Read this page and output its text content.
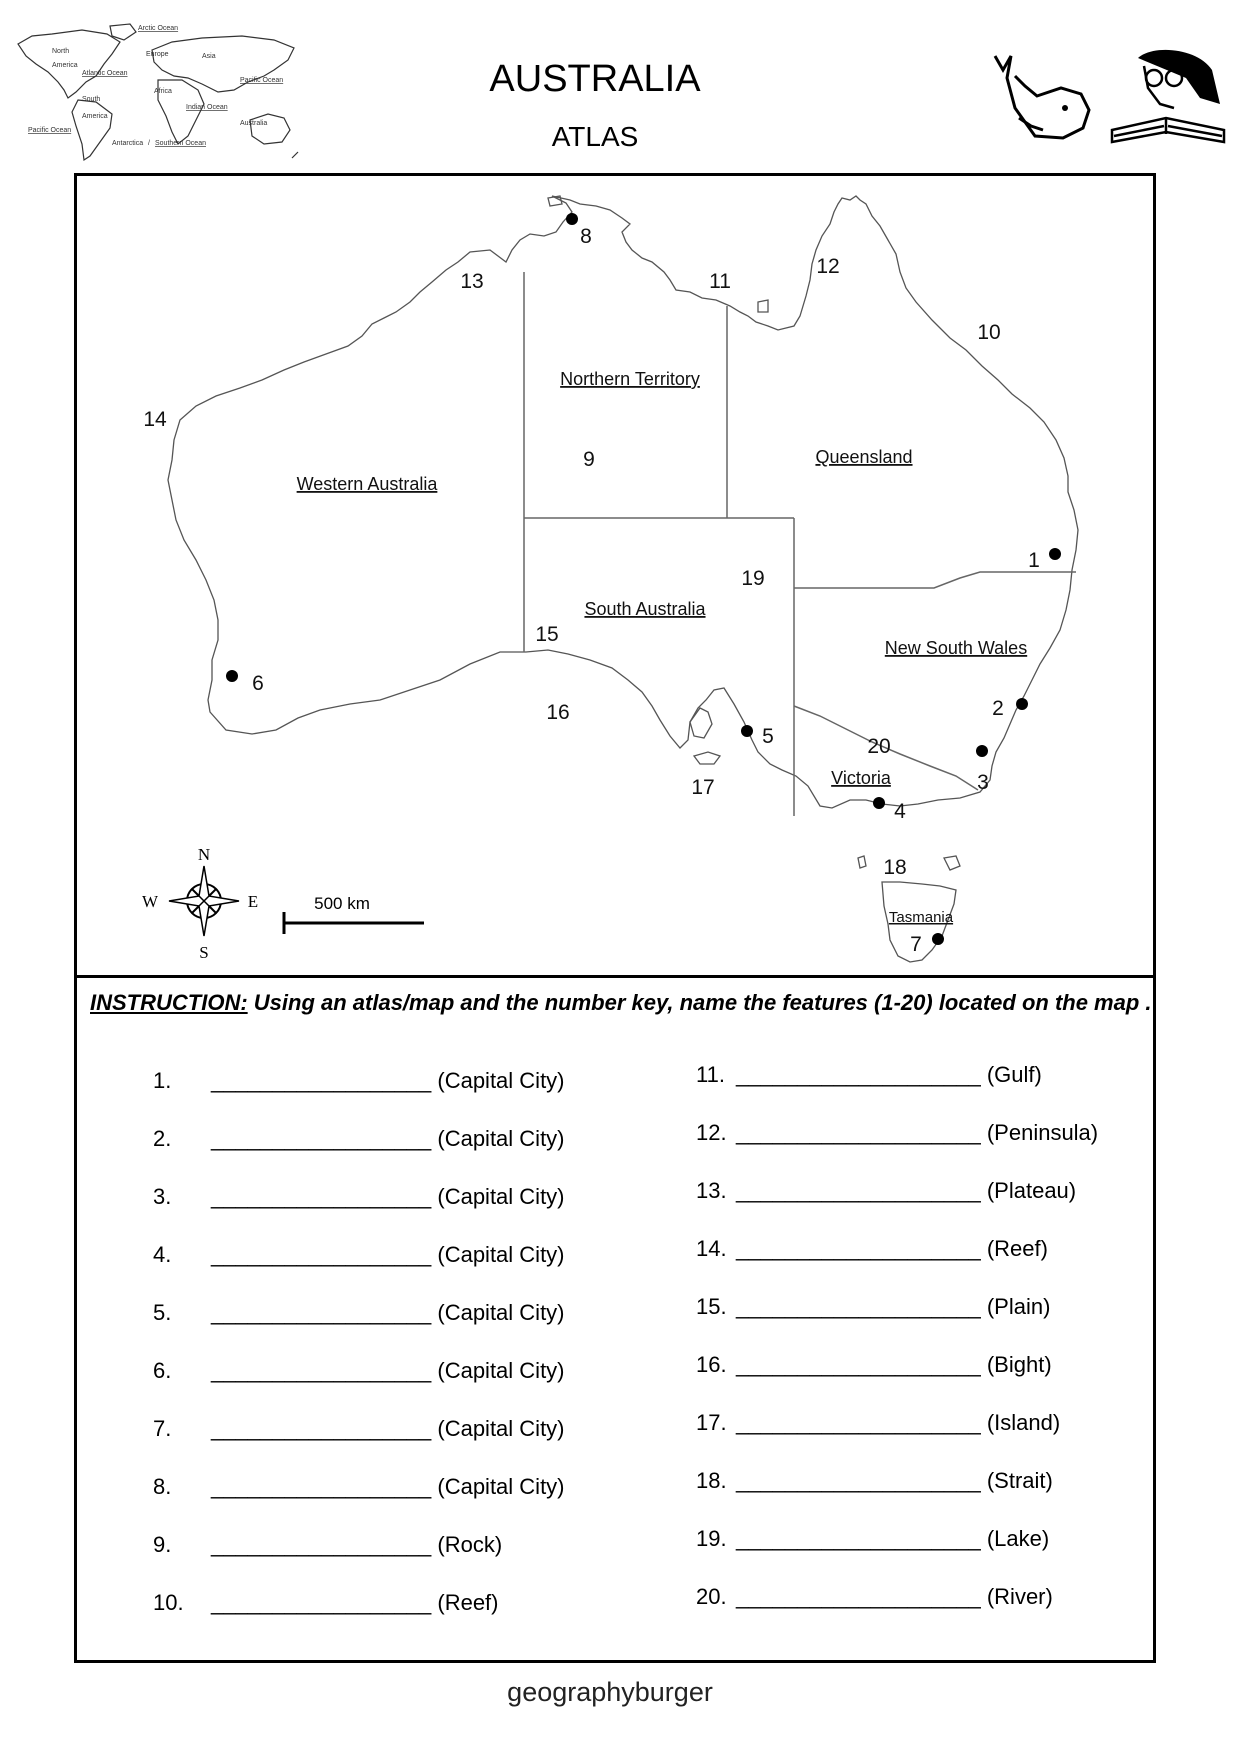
Arctic Ocean
North
America
Europe	Asia
Atlantic Ocean
Pacific Ocean
Africa
South
America
Indian Ocean
Australia
Pacific Ocean
Antarctica / Southern Ocean
AUSTRALIA
ATLAS
Western Australia
Northern Territory
Queensland
South Australia
New South Wales
Victoria
Tasmania
1
2
3
4
5
6
7
8
9
10
11
12
13
14
15
16
17
18
19
20
N
S
E
W	500 km
INSTRUCTION: Using an atlas/map and the number key, name the features (1-20) located on the map .
1. __________________ (Capital City)
2. __________________ (Capital City)
3. __________________ (Capital City)
4. __________________ (Capital City)
5. __________________ (Capital City)
6. __________________ (Capital City)
7. __________________ (Capital City)
8. __________________ (Capital City)
9. __________________ (Rock)
10. __________________ (Reef)
11. ____________________ (Gulf)
12. ____________________ (Peninsula)
13. ____________________ (Plateau)
14. ____________________ (Reef)
15. ____________________ (Plain)
16. ____________________ (Bight)
17. ____________________ (Island)
18. ____________________ (Strait)
19. ____________________ (Lake)
20. ____________________ (River)
geographyburger
